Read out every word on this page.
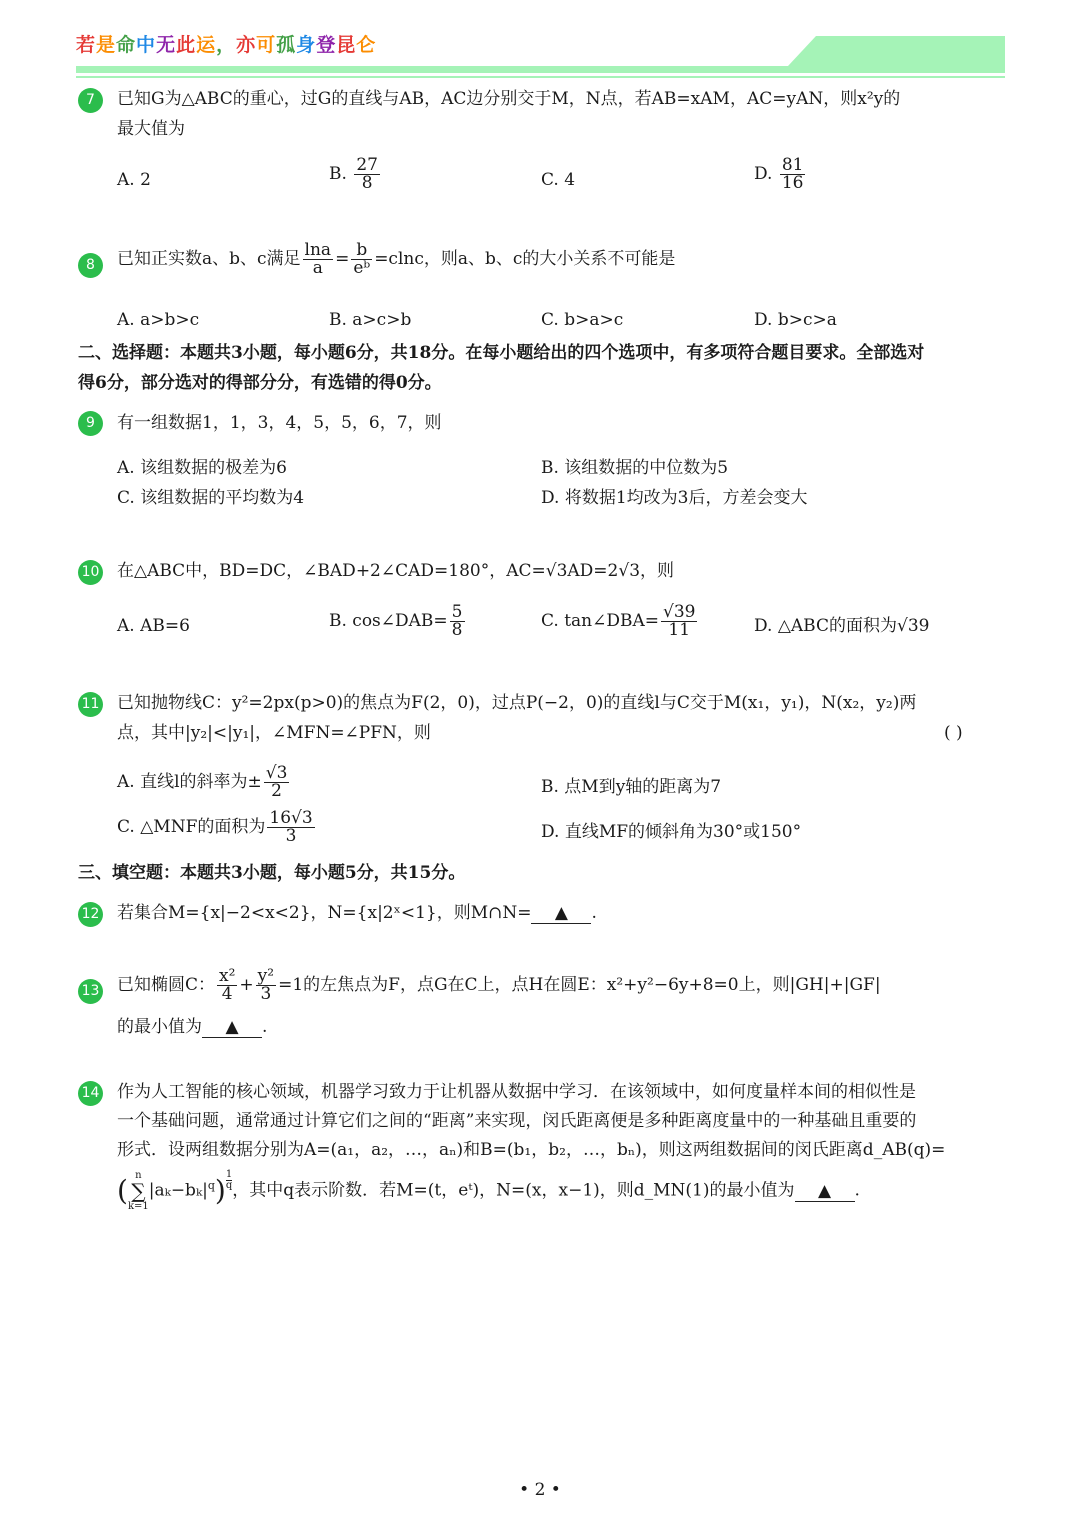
若是命中无此运，亦可孤身登昆仑
7	已知G为△ABC的重心，过G的直线与AB，AC边分别交于M，N点，若AB=xAM，AC=yAN，则x²y的
最大值为
A. 2	B. $\frac{27}{8}$	C. 4	D. $\frac{81}{16}$
8	已知正实数a、b、c满足 $\frac{\ln a}{a} = \frac{b}{\text{eᵇ}} =clnc$，则a、b、c的大小关系不可能是
A. a>b>c	B. a>c>b	C. b>a>c	D. b>c>a
二、选择题：本题共3小题，每小题6分，共18分。在每小题给出的四个选项中，有多项符合题目要求。全部选对
得6分，部分选对的得部分分，有选错的得0分。
9	有一组数据1，1，3，4，5，5，6，7，则
A. 该组数据的极差为6	B. 该组数据的中位数为5
C. 该组数据的平均数为4	D. 将数据1均改为3后，方差会变大
10 在△ABC中，BD=DC，∠BAD+2∠CAD=180°，AC=√3AD=2√3，则
A. AB=6	B. cos∠DAB= $\frac{5}{8}$	C. tan∠DBA= $\frac{√39}{11}$	D. △ABC的面积为√39
11 已知抛物线C：y²=2px(p>0)的焦点为F(2，0)，过点P(−2，0)的直线l与C交于M(x₁，y₁)，N(x₂，y₂)两
点，其中|y₂|<|y₁|，∠MFN=∠PFN，则	( )
A. 直线l的斜率为± $\frac{√3}{2}$	B. 点M到y轴的距离为7
C. △MNF的面积为 $\frac{16√3}{3}$	D. 直线MF的倾斜角为30°或150°
三、填空题：本题共3小题，每小题5分，共15分。
12 若集合M={x|−2<x<2}，N={x|2ˣ<1}，则M∩N= ▲ .
13 已知椭圆C： $\frac{\text{x²}}{4} + \frac{\text{y²}}{3} =1$的左焦点为F，点G在C上，点H在圆E：x²+y²−6y+8=0上，则|GH|+|GF|
的最小值为 ▲ .
14 作为人工智能的核心领域，机器学习致力于让机器从数据中学习．在该领域中，如何度量样本间的相似性是
一个基础问题，通常通过计算它们之间的“距离”来实现，闵氏距离便是多种距离度量中的一种基础且重要的
形式．设两组数据分别为A=(a₁，a₂，…，aₙ)和B=(b₁，b₂，…，bₙ)，则这两组数据间的闵氏距离d_AB(q)=
( n
∑
k=1
$|a_k-b_k|^q) \frac{1}{q}$ ，其中q表示阶数．若M=(t，eᵗ)，N=(x，x−1)，则d_MN(1)的最小值为 ▲ .
• 2 •
